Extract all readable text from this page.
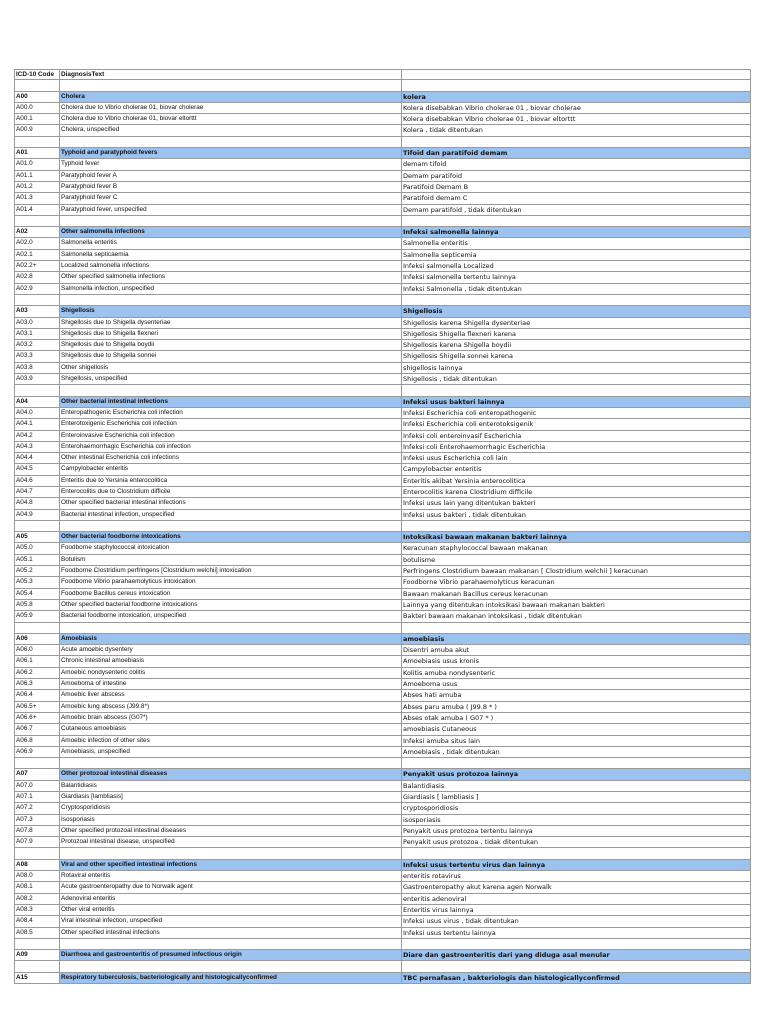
ICD-10 Code	DiagnosisText
A00	Cholera	kolera
A00.0	Cholera due to Vibrio cholerae 01, biovar cholerae	Kolera disebabkan Vibrio cholerae 01 , biovar cholerae
A00.1	Cholera due to Vibrio cholerae 01, biovar eltorttt	Kolera disebabkan Vibrio cholerae 01 , biovar eltorttt
A00.9	Cholera, unspecified	Kolera , tidak ditentukan
A01	Typhoid and paratyphoid fevers	Tifoid dan paratifoid demam
A01.0	Typhoid fever	demam tifoid
A01.1	Paratyphoid fever A	Demam paratifoid
A01.2	Paratyphoid fever B	Paratifoid Demam B
A01.3	Paratyphoid fever C	Paratifoid demam C
A01.4	Paratyphoid fever, unspecified	Demam paratifoid , tidak ditentukan
A02	Other salmonella infections	Infeksi salmonella lainnya
A02.0	Salmonella enteritis	Salmonella enteritis
A02.1	Salmonella septicaemia	Salmonella septicemia
A02.2+	Localized salmonella infections	Infeksi salmonella Localized
A02.8	Other specified salmonella infections	Infeksi salmonella tertentu lainnya
A02.9	Salmonella infection, unspecified	Infeksi Salmonella , tidak ditentukan
A03	Shigellosis	Shigellosis
A03.0	Shigellosis due to Shigella dysenteriae	Shigellosis karena Shigella dysenteriae
A03.1	Shigellosis due to Shigella flexneri	Shigellosis Shigella flexneri karena
A03.2	Shigellosis due to Shigella boydii	Shigellosis karena Shigella boydii
A03.3	Shigellosis due to Shigella sonnei	Shigellosis Shigella sonnei karena
A03.8	Other shigellosis	shigellosis lainnya
A03.9	Shigellosis, unspecified	Shigellosis , tidak ditentukan
A04	Other bacterial intestinal infections	Infeksi usus bakteri lainnya
A04.0	Enteropathogenic Escherichia coli infection	Infeksi Escherichia coli enteropathogenic
A04.1	Enterotoxigenic Escherichia coli infection	Infeksi Escherichia coli enterotoksigenik
A04.2	Enteroinvasive Escherichia coli infection	Infeksi coli enteroinvasif Escherichia
A04.3	Enterohaemorrhagic Escherichia coli infection	Infeksi coli Enterohaemorrhagic Escherichia
A04.4	Other intestinal Escherichia coli infections	Infeksi usus Escherichia coli lain
A04.5	Campylobacter enteritis	Campylobacter enteritis
A04.6	Enteritis due to Yersinia enterocolitica	Enteritis akibat Yersinia enterocolitica
A04.7	Enterocolitis due to Clostridium difficile	Enterocolitis karena Clostridium difficile
A04.8	Other specified bacterial intestinal infections	Infeksi usus lain yang ditentukan bakteri
A04.9	Bacterial intestinal infection, unspecified	Infeksi usus bakteri , tidak ditentukan
A05	Other bacterial foodborne intoxications	Intoksikasi bawaan makanan bakteri lainnya
A05.0	Foodborne staphylococcal intoxication	Keracunan staphylococcal bawaan makanan
A05.1	Botulism	botulisme
A05.2	Foodborne Clostridium perfringens [Clostridium welchii] intoxication	Perfringens Clostridium bawaan makanan [ Clostridium welchii ] keracunan
A05.3	Foodborne Vibrio parahaemolyticus intoxication	Foodborne Vibrio parahaemolyticus keracunan
A05.4	Foodborne Bacillus cereus intoxication	Bawaan makanan Bacillus cereus keracunan
A05.8	Other specified bacterial foodborne intoxications	Lainnya yang ditentukan intoksikasi bawaan makanan bakteri
A05.9	Bacterial foodborne intoxication, unspecified	Bakteri bawaan makanan intoksikasi , tidak ditentukan
A06	Amoebiasis	amoebiasis
A06.0	Acute amoebic dysentery	Disentri amuba akut
A06.1	Chronic intestinal amoebiasis	Amoebiasis usus kronis
A06.2	Amoebic nondysenteric colitis	Kolitis amuba nondysenteric
A06.3	Amoeboma of intestine	Amoeboma usus
A06.4	Amoebic liver abscess	Abses hati amuba
A06.5+	Amoebic lung abscess (J99.8*)	Abses paru amuba ( J99.8 * )
A06.6+	Amoebic brain abscess (G07*)	Abses otak amuba ( G07 * )
A06.7	Cutaneous amoebiasis	amoebiasis Cutaneous
A06.8	Amoebic infection of other sites	Infeksi amuba situs lain
A06.9	Amoebiasis, unspecified	Amoebiasis , tidak ditentukan
A07	Other protozoal intestinal diseases	Penyakit usus protozoa lainnya
A07.0	Balantidiasis	Balantidiasis
A07.1	Giardiasis [lambliasis]	Giardiasis [ lambliasis ]
A07.2	Cryptosporidiosis	cryptosporidiosis
A07.3	Isosporiasis	isosporiasis
A07.8	Other specified protozoal intestinal diseases	Penyakit usus protozoa tertentu lainnya
A07.9	Protozoal intestinal disease, unspecified	Penyakit usus protozoa , tidak ditentukan
A08	Viral and other specified intestinal infections	Infeksi usus tertentu virus dan lainnya
A08.0	Rotaviral enteritis	enteritis rotavirus
A08.1	Acute gastroenteropathy due to Norwalk agent	Gastroenteropathy akut karena agen Norwalk
A08.2	Adenoviral enteritis	enteritis adenoviral
A08.3	Other viral enteritis	Enteritis virus lainnya
A08.4	Viral intestinal infection, unspecified	Infeksi usus virus , tidak ditentukan
A08.5	Other specified intestinal infections	Infeksi usus tertentu lainnya
A09	Diarrhoea and gastroenteritis of presumed infectious origin	Diare dan gastroenteritis dari yang diduga asal menular
A15	Respiratory tuberculosis, bacteriologically and histologicallyconfirmed	TBC pernafasan , bakteriologis dan histologicallyconfirmed
